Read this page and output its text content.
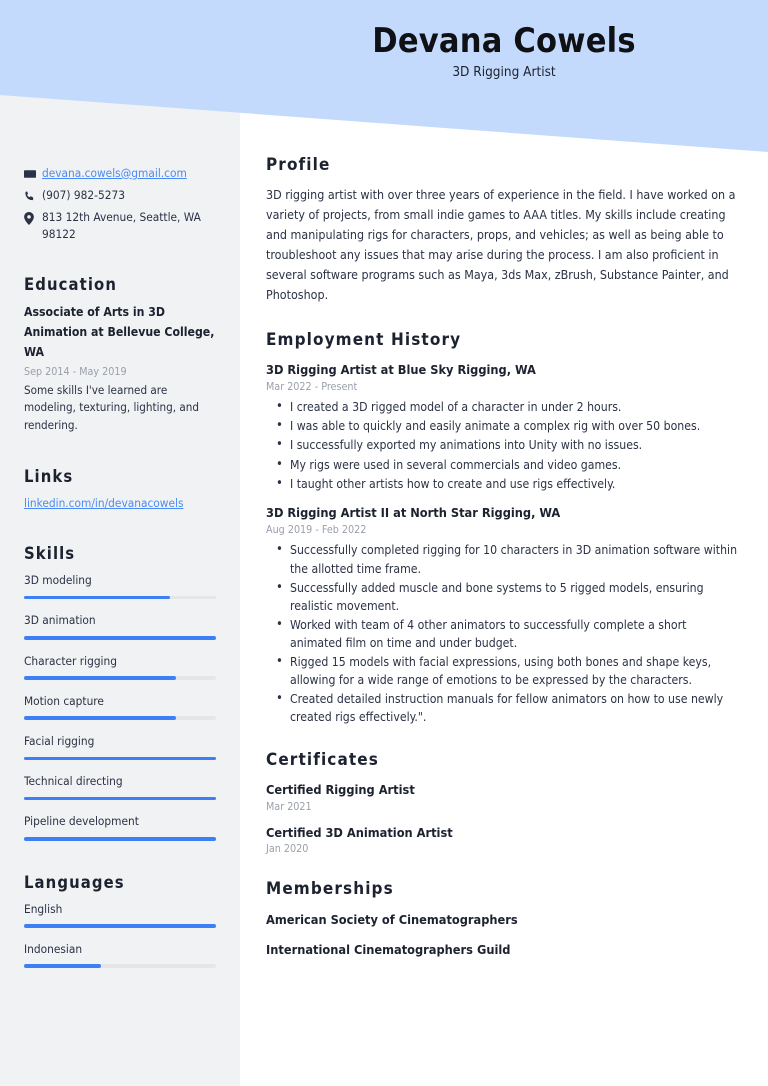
Devana Cowels
3D Rigging Artist
devana.cowels@gmail.com
(907) 982-5273
813 12th Avenue, Seattle, WA 98122
Education
Associate of Arts in 3D Animation at Bellevue College, WA
Sep 2014 - May 2019
Some skills I've learned are modeling, texturing, lighting, and rendering.
Links
linkedin.com/in/devanacowels
Skills
3D modeling
3D animation
Character rigging
Motion capture
Facial rigging
Technical directing
Pipeline development
Languages
English
Indonesian
Profile
3D rigging artist with over three years of experience in the field. I have worked on a variety of projects, from small indie games to AAA titles. My skills include creating and manipulating rigs for characters, props, and vehicles; as well as being able to troubleshoot any issues that may arise during the process. I am also proficient in several software programs such as Maya, 3ds Max, zBrush, Substance Painter, and Photoshop.
Employment History
3D Rigging Artist at Blue Sky Rigging, WA
Mar 2022 - Present
• I created a 3D rigged model of a character in under 2 hours.
• I was able to quickly and easily animate a complex rig with over 50 bones.
• I successfully exported my animations into Unity with no issues.
• My rigs were used in several commercials and video games.
• I taught other artists how to create and use rigs effectively.
3D Rigging Artist II at North Star Rigging, WA
Aug 2019 - Feb 2022
• Successfully completed rigging for 10 characters in 3D animation software within the allotted time frame.
• Successfully added muscle and bone systems to 5 rigged models, ensuring realistic movement.
• Worked with team of 4 other animators to successfully complete a short animated film on time and under budget.
• Rigged 15 models with facial expressions, using both bones and shape keys, allowing for a wide range of emotions to be expressed by the characters.
• Created detailed instruction manuals for fellow animators on how to use newly created rigs effectively.".
Certificates
Certified Rigging Artist
Mar 2021
Certified 3D Animation Artist
Jan 2020
Memberships
American Society of Cinematographers
International Cinematographers Guild
